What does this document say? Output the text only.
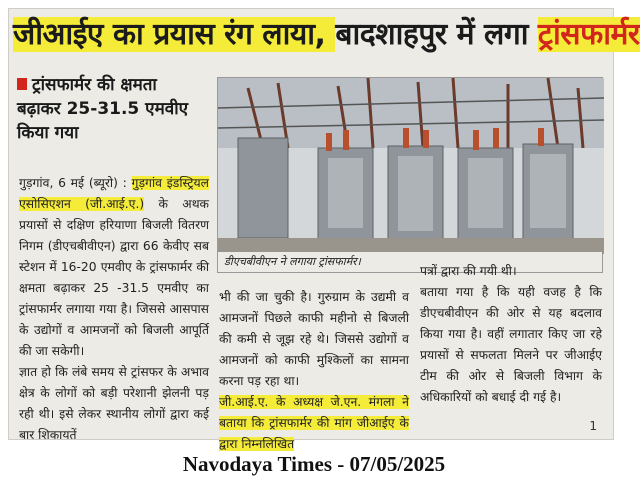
जीआईए का प्रयास रंग लाया, बादशाहपुर में लगा ट्रांसफार्मर
ट्रांसफार्मर की क्षमता बढ़ाकर 25-31.5 एमवीए किया गया

गुड़गांव, 6 मई (ब्यूरो) : गुड़गांव इंडस्ट्रियल एसोसिएशन (जी.आई.ए.) के अथक प्रयासों से दक्षिण हरियाणा बिजली वितरण निगम (डीएचबीवीएन) द्वारा 66 केवीए सब स्टेशन में 16-20 एमवीए के ट्रांसफार्मर की क्षमता बढ़ाकर 25 -31.5 एमवीए का ट्रांसफार्मर लगाया गया है। जिससे आसपास के उद्योगों व आमजनों को बिजली आपूर्ति की जा सकेगी।

ज्ञात हो कि लंबे समय से ट्रांसफर के अभाव क्षेत्र के लोगों को बड़ी परेशानी झेलनी पड़ रही थी। इसे लेकर स्थानीय लोगों द्वारा कई बार शिकायतें

डीएचबीवीएन ने लगाया ट्रांसफार्मर।

भी की जा चुकी है। गुरुग्राम के उद्यमी व आमजनों पिछले काफी महीनो से बिजली की कमी से जूझ रहे थे। जिससे उद्योगों व आमजनों को काफी मुश्किलों का सामना करना पड़ रहा था।

जी.आई.ए. के अध्यक्ष जे.एन. मंगला ने बताया कि ट्रांसफार्मर की मांग जीआईए के द्वारा निम्नलिखित

पत्रों द्वारा की गयी थी।

बताया गया है कि यही वजह है कि डीएचबीवीएन की ओर से यह बदलाव किया गया है। वहीं लगातार किए जा रहे प्रयासों से सफलता मिलने पर जीआईए टीम की ओर से बिजली विभाग के अधिकारियों को बधाई दी गई है।

1
Navodaya Times - 07/05/2025
